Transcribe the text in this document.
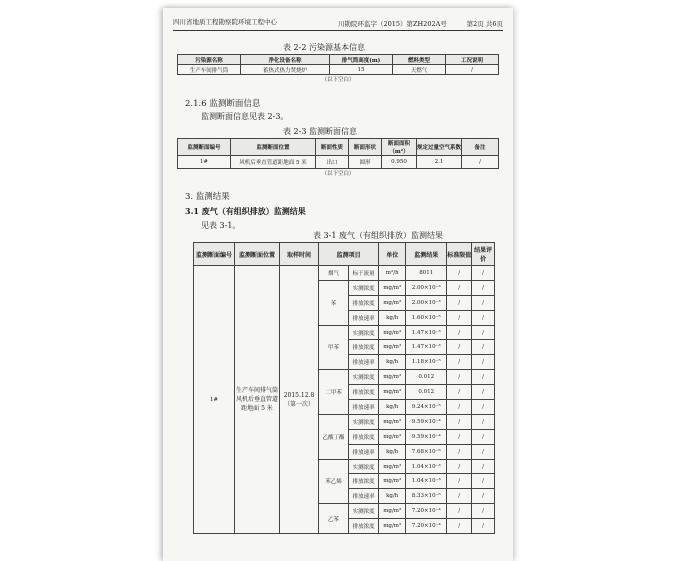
四川省地质工程勘察院环境工程中心	川勘院环监字（2015）第ZH202A号	第2页 共6页
表 2-2 污染源基本信息
污染源名称	净化设备名称	排气筒高度(m)	燃料类型	工况说明
生产车间排气筒	蓄热式热力焚烧炉	15	天燃气	/
（以下空白）				
2.1.6 监测断面信息
监测断面信息见表 2-3。
表 2-3 监测断面信息
监测断面编号	监测断面位置	断面性质	断面形状	断面面积（m²）	规定过量空气系数	备注
1#	风机后垂直管道距地面 5 米	出口	圆形	0.950	2.1	/
（以下空白）						
3. 监测结果
3.1 废气（有组织排放）监测结果
见表 3-1。
表 3-1 废气（有组织排放）监测结果
监测断面编号	监测断面位置	取样时间	监测项目		单位	监测结果	标准限值	结果评价
1#	生产车间排气筒 风机后垂直管道距地面 5 米	2015.12.8（第一次）	烟气	标干流量	m³/h	8011	/	/
			苯	实测浓度	mg/m³	2.00×10⁻³	/	/
				排放浓度	mg/m³	2.00×10⁻³	/	/
				排放速率	kg/h	1.60×10⁻⁵	/	/
			甲苯	实测浓度	mg/m³	1.47×10⁻³	/	/
				排放浓度	mg/m³	1.47×10⁻³	/	/
				排放速率	kg/h	1.18×10⁻⁵	/	/
			二甲苯	实测浓度	mg/m³	0.012	/	/
				排放浓度	mg/m³	0.012	/	/
				排放速率	kg/h	9.24×10⁻⁵	/	/
			乙酸丁酯	实测浓度	mg/m³	9.59×10⁻⁴	/	/
				排放浓度	mg/m³	9.59×10⁻⁴	/	/
				排放速率	kg/h	7.68×10⁻⁶	/	/
			苯乙烯	实测浓度	mg/m³	1.04×10⁻³	/	/
				排放浓度	mg/m³	1.04×10⁻³	/	/
				排放速率	kg/h	8.33×10⁻⁶	/	/
			乙苯	实测浓度	mg/m³	7.20×10⁻⁴	/	/
				排放浓度	mg/m³	7.20×10⁻⁴	/	/
